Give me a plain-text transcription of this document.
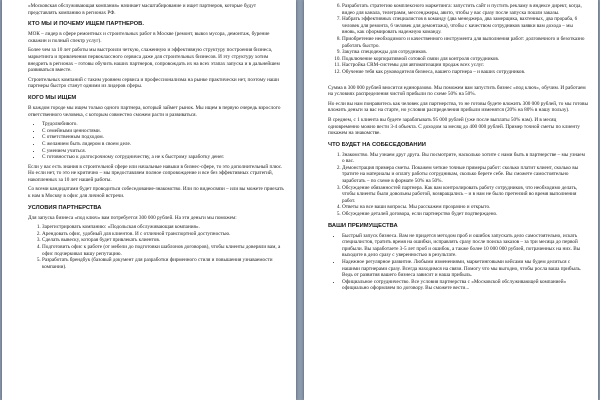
«Московская обслуживающая компания» начинает масштабирование и ищет партнеров, которые будут представлять компанию в регионах РФ.

КТО МЫ И ПОЧЕМУ ИЩЕМ ПАРТНЕРОВ.

МОК – лидер в сфере ремонтных и строительных работ в Москве (ремонт, вывоз мусора, демонтаж, бурение скважин и полный спектр услуг).

Более чем за 10 лет работы мы выстроили четкую, слаженную и эффективную структуру построения бизнеса, маркетинга и привлечения первоклассного сервиса даже для строительных бизнесов. И эту структуру хотим внедрить в регионах – готовы обучить наших партнеров, сопровождать их на всех этапах запуска и в дальнейшем развиваться вместе.

Строительных компаний с таким уровнем сервиса и профессионализма на рынке практически нет, поэтому наши партнеры быстро станут одними из лидеров сферы.

КОГО МЫ ИЩЕМ

В каждом городе мы ищем только одного партнера, который займет рынок. Мы ищем в первую очередь взрослого ответственного человека, с которым совместно сможем расти и развиваться.

• Трудолюбивого.
• С семейными ценностями.
• С ответственным подходом.
• С желанием быть лидером в своем деле.
• С умением учиться.
• С готовностью к долгосрочному сотрудничеству, а не к быстрому заработку денег.

Если у вас есть знания в строительной сфере или начальные навыки в бизнес-сфере, то это дополнительный плюс. Но если нет, то это не критично – мы предоставляем полное сопровождение и все без эффективных стратегий, накопленных за 10 лет нашей работы.

Со всеми кандидатами будет проводиться собеседование-знакомство. Или по видеосвязи – или вы можете приехать к нам в Москву в офис для личной встречи.

УСЛОВИЯ ПАРТНЕРСТВА

Для запуска бизнеса «под ключ» вам потребуется 300 000 рублей. На эти деньги мы поможем:

1. Зарегистрировать компанию: «Подольская обслуживающая компания».
2. Арендовать офис, удобный для клиентов. И с отличной транспортной доступностью.
3. Сделать вывеску, которая будет привлекать клиентов.
4. Подготовить офис к работе (от мебели до подготовки шаблонов договоров), чтобы клиенты доверяли вам, а офис подчеркивал вашу репутацию.
5. Разработать брендбук (базовый документ для разработки фирменного стиля и повышения узнаваемости компании).
6. Разработать стратегию комплексного маркетинга: запустить сайт и пустить рекламу в яндексе директ, когда, видео для канала, телеграмм, мессенджеры, авито, чтобы у вас сразу после запуска пошли заказы.
7. Набрать эффективных специалистов в команду (два менеджера, два замерщика, вахтенных, два прораба, 6 человек для ремонта, 6 человек для демонтажа), чтобы с качеством сотрудников заявки вам дохода – мы вновь, как сформировать надежную команду.
8. Приобретение необходимого и качественного инструмента для выполнения работ: долговечного и безотказно работать быстро.
9. Закупка спецодежды для сотрудников.
10. Подключение корпоративной сотовой связи для контроля сотрудников.
11. Настройка CRM-системы для автоматизации продаж всех услуг.
12. Обучение тебя как руководителя бизнеса, вашего партнера – и ваших сотрудников.

Сумма в 300 000 рублей вносится единоразово. Мы поможем вам запустить бизнес «под ключ», обучим. И работаем на условиях распределения чистой прибыли по схеме 50% на 50%.

Но если вы нам понравитесь как человек для партнерства, то не готовы будете вложить 300 000 рублей, то мы готовы вложить деньги за вас на старте, но условия распределения прибыли изменятся (20% на 80% в нашу пользу).

В среднем, с 1 клиента вы будете зарабатывать 95 000 рублей (уже после выплаты 50% нам). И в месяц одновременно можно вести 3-4 объекта. С доходом за месяц до 400 000 рублей. Пример точной сметы по клиенту покажем на знакомстве.

ЧТО БУДЕТ НА СОБЕСЕДОВАНИИ
1. Знакомство. Мы узнаем друг друга. Вы посмотрите, насколько хотите с нами быть в партнерстве – мы узнаем о вас.
2. Демонстрация примера сметы. Покажем четкие точные примеры работ: сколько платит клиент, сколько вы тратите на материалы и оплату работы сотрудникам, сколько берете себе. Вы сможете самостоятельно заработать – по схеме в формате 50% на 50%.
3. Обсуждение обязанностей партнера. Как вам контролировать работу сотрудников, что необходимо делать, чтобы клиенты были довольны работой, возвращались – и в нам не было претензий во время выполнения работ.
4. Ответы на все ваши вопросы. Мы расскажем прозрачно и открыто.
5. Обсуждение деталей договора, если партнерство будет подтверждено.
ВАШИ ПРЕИМУЩЕСТВА
• Быстрый запуск бизнеса. Вам не придется методом проб и ошибок запускать дело самостоятельно, искать специалистов, тратить время на ошибки, исправлять сразу после поиска заказов – за три месяца до первой прибыли. Вы заработаете 3-5 лет проб и ошибок, а также более 10 000 000 рублей, потраченных на них. Вы выходите в дело сразу с уверенностью в результате.
• Надежное регулярное развитие. Любыми изменениями, маркетинговыми кейсами мы будем делиться с нашими партнерами сразу. Всегда находимся на связи. Помогу что мы выгодно, чтобы росла ваша прибыль. Ведь от развития вашего бизнеса зависит и наша прибыль.
• Официальное сотрудничество. Все условия партнерства с «Московской обслуживающей компанией» официально оформляем по договору. Вы сможете вести...
